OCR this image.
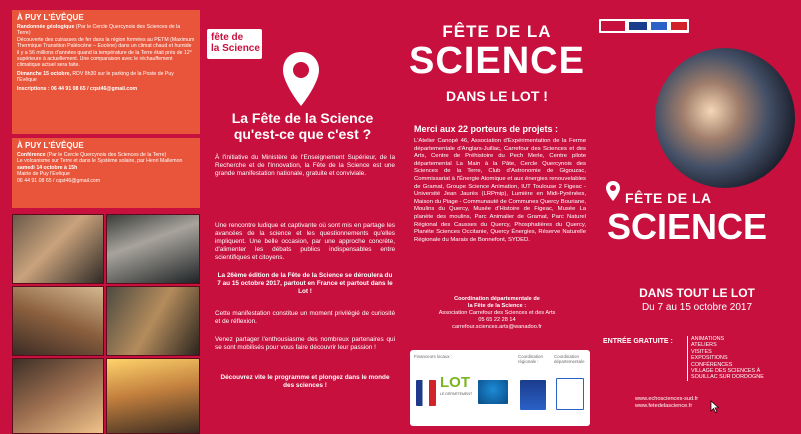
À PUY L'ÉVÊQUE
Randonnée géologique (Par le Cercle Quercynois des Sciences de la Terre)
Découverte des cuirasses de fer dans la région formées au PETM (Maximum Thermique Transition Paléocène – Eocène) dans un climat chaud et humide il y a 56 millions d'années quand la température de la Terre était près de 12° supérieure à actuellement. Une comparaison avec le réchauffement climatique actuel sera faite.
Dimanche 15 octobre, RDV 8h30 sur le parking de la Poste de Puy l'Evêque
Inscriptions : 06 44 91 08 65 / cqst46@gmail.com
À PUY L'ÉVÊQUE
Conférence (Par le Cercle Quercynois des Sciences de la Terre)
Le volcanisme sur Terre et dans le Système solaire, par Henri Mallemon
samedi 14 octobre à 15h
Mairie de Puy l'Evêque
06 44 91 08 65 / cqst46@gmail.com
fête de
la Science
La Fête de la Science
qu'est-ce que c'est ?
À l'initiative du Ministère de l'Enseignement Supérieur, de la Recherche et de l'Innovation, la Fête de la Science est une grande manifestation nationale, gratuite et conviviale.
Une rencontre ludique et captivante où sont mis en partage les avancées de la science et les questionnements qu'elles impliquent. Une belle occasion, par une approche concrète, d'alimenter les débats publics indispensables entre scientifiques et citoyens.
La 26ème édition de la Fête de la Science se déroulera du 7 au 15 octobre 2017, partout en France et partout dans le Lot !
Cette manifestation constitue un moment privilégié de curiosité et de réflexion.
Venez partager l'enthousiasme des nombreux partenaires qui se sont mobilisés pour vous faire découvrir leur passion !
Découvrez vite le programme et plongez dans le monde des sciences !
FÊTE DE LA
SCIENCE
DANS LE LOT !
Merci aux 22 porteurs de projets :
L'Atelier Canopé 46, Association d'Expérimentation de la Ferme départementale d'Anglars-Juillac, Carrefour des Sciences et des Arts, Centre de Préhistoire du Pech Merle, Centre pilote départemental La Main à la Pâte, Cercle Quercynois des Sciences de la Terre, Club d'Astronomie de Gigouzac, Commissariat à l'Énergie Atomique et aux énergies renouvelables de Gramat, Groupe Science Animation, IUT Toulouse 2 Figeac - Université Jean Jaurès (LRPmip), Lumière en Midi-Pyrénées, Maison du Piage - Communauté de Communes Quercy Bouriane, Moulins du Quercy, Musée d'Histoire de Figeac, Musée La planète des moulins, Parc Animalier de Gramat, Parc Naturel Régional des Causses du Quercy, Phosphatières du Quercy, Planète Sciences Occitanie, Quercy Énergies, Réserve Naturelle Régionale du Marais de Bonnefont, SYDED.
Coordination départementale de
la Fête de la Science :
Association Carrefour des Sciences et des Arts
05 65 22 28 14
carrefour.sciences.arts@wanadoo.fr
Financeurs locaux :	Coordination régionale :
Coordination départementale
LOT
LE DÉPARTEMENT
FÊTE DE LA
SCIENCE
DANS TOUT LE LOT
Du 7 au 15 octobre 2017
ENTRÉE GRATUITE :	ANIMATIONS
ATELIERS
VISITES
EXPOSITIONS
CONFÉRENCES
VILLAGE DES SCIENCES À
SOUILLAC SUR DORDOGNE
www.echosciences-sud.fr
www.fetedelascience.fr
